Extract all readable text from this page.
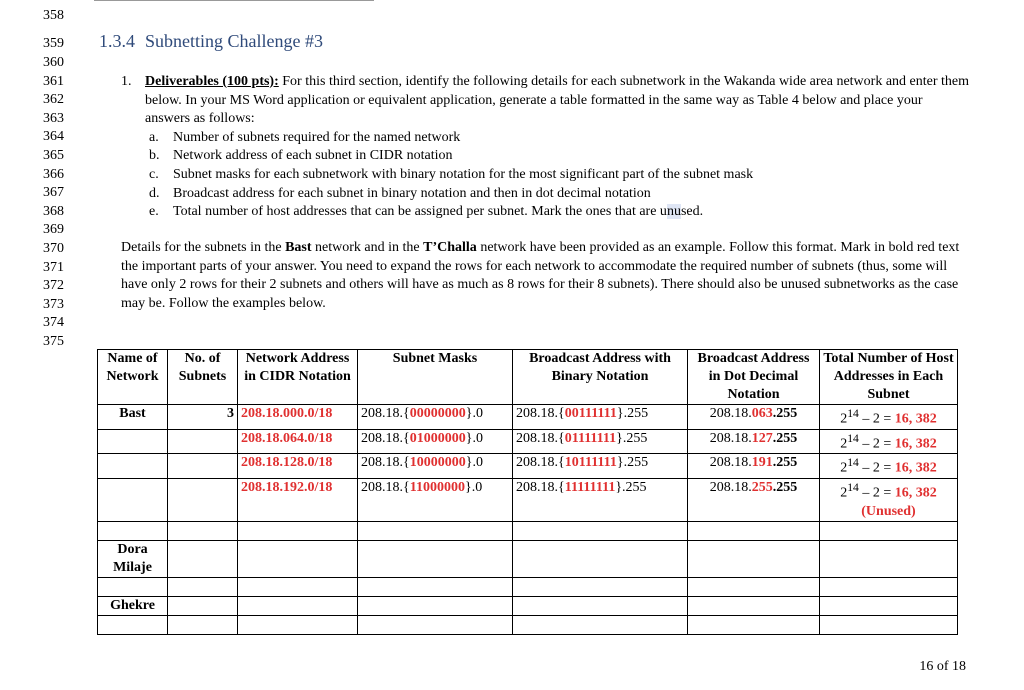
358
359
360
361
362
363
364
365
366
367
368
369
370
371
372
373
374
375
1.3.4 Subnetting Challenge #3
1. Deliverables (100 pts): For this third section, identify the following details for each subnetwork in the Wakanda wide area network and enter them below. In your MS Word application or equivalent application, generate a table formatted in the same way as Table 4 below and place your answers as follows:
a. Number of subnets required for the named network
b. Network address of each subnet in CIDR notation
c. Subnet masks for each subnetwork with binary notation for the most significant part of the subnet mask
d. Broadcast address for each subnet in binary notation and then in dot decimal notation
e. Total number of host addresses that can be assigned per subnet. Mark the ones that are unused.
Details for the subnets in the Bast network and in the T’Challa network have been provided as an example. Follow this format. Mark in bold red text the important parts of your answer. You need to expand the rows for each network to accommodate the required number of subnets (thus, some will have only 2 rows for their 2 subnets and others will have as much as 8 rows for their 8 subnets). There should also be unused subnetworks as the case may be. Follow the examples below.
Name of Network	No. of Subnets	Network Address in CIDR Notation	Subnet Masks	Broadcast Address with Binary Notation	Broadcast Address in Dot Decimal Notation	Total Number of Host Addresses in Each Subnet
Bast	3	208.18.000.0/18	208.18.{00000000}.0	208.18.{00111111}.255	208.18.063.255	$2^{14} - 2 = 16$, 382
		208.18.064.0/18	208.18.{01000000}.0	208.18.{01111111}.255	208.18.127.255	$2^{14} - 2 = 16$, 382
		208.18.128.0/18	208.18.{10000000}.0	208.18.{10111111}.255	208.18.191.255	$2^{14} - 2 = 16$, 382
		208.18.192.0/18	208.18.{11000000}.0	208.18.{11111111}.255	208.18.255.255	$2^{14} - 2 = 16$, 382
(Unused)

Dora Milaje						

Ghekre						

16 of 18
